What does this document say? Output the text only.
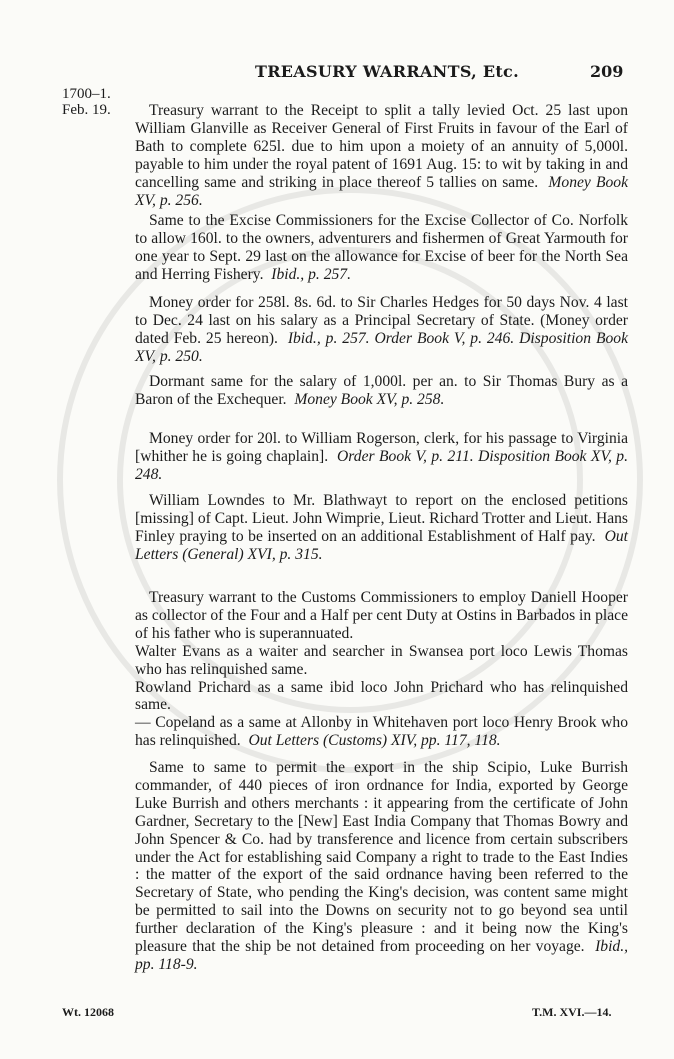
TREASURY WARRANTS, Etc.	209
1700–1.
Feb. 19.	Treasury warrant to the Receipt to split a tally levied Oct. 25 last upon William Glanville as Receiver General of First Fruits in favour of the Earl of Bath to complete 625l. due to him upon a moiety of an annuity of 5,000l. payable to him under the royal patent of 1691 Aug. 15: to wit by taking in and cancelling same and striking in place thereof 5 tallies on same. Money Book XV, p. 256.

Same to the Excise Commissioners for the Excise Collector of Co. Norfolk to allow 160l. to the owners, adventurers and fishermen of Great Yarmouth for one year to Sept. 29 last on the allowance for Excise of beer for the North Sea and Herring Fishery. Ibid., p. 257.

Money order for 258l. 8s. 6d. to Sir Charles Hedges for 50 days Nov. 4 last to Dec. 24 last on his salary as a Principal Secretary of State. (Money order dated Feb. 25 hereon). Ibid., p. 257. Order Book V, p. 246. Disposition Book XV, p. 250.

Dormant same for the salary of 1,000l. per an. to Sir Thomas Bury as a Baron of the Exchequer. Money Book XV, p. 258.

Money order for 20l. to William Rogerson, clerk, for his passage to Virginia [whither he is going chaplain]. Order Book V, p. 211. Disposition Book XV, p. 248.

William Lowndes to Mr. Blathwayt to report on the enclosed petitions [missing] of Capt. Lieut. John Wimprie, Lieut. Richard Trotter and Lieut. Hans Finley praying to be inserted on an additional Establishment of Half pay. Out Letters (General) XVI, p. 315.

Treasury warrant to the Customs Commissioners to employ Daniell Hooper as collector of the Four and a Half per cent Duty at Ostins in Barbados in place of his father who is superannuated.

Walter Evans as a waiter and searcher in Swansea port loco Lewis Thomas who has relinquished same.

Rowland Prichard as a same ibid loco John Prichard who has relinquished same.

— Copeland as a same at Allonby in Whitehaven port loco Henry Brook who has relinquished. Out Letters (Customs) XIV, pp. 117, 118.

Same to same to permit the export in the ship Scipio, Luke Burrish commander, of 440 pieces of iron ordnance for India, exported by George Luke Burrish and others merchants : it appearing from the certificate of John Gardner, Secretary to the [New] East India Company that Thomas Bowry and John Spencer & Co. had by transference and licence from certain subscribers under the Act for establishing said Company a right to trade to the East Indies : the matter of the export of the said ordnance having been referred to the Secretary of State, who pending the King's decision, was content same might be permitted to sail into the Downs on security not to go beyond sea until further declaration of the King's pleasure : and it being now the King's pleasure that the ship be not detained from proceeding on her voyage. Ibid., pp. 118-9.

Wt. 12068	T.M. XVI.—14.
